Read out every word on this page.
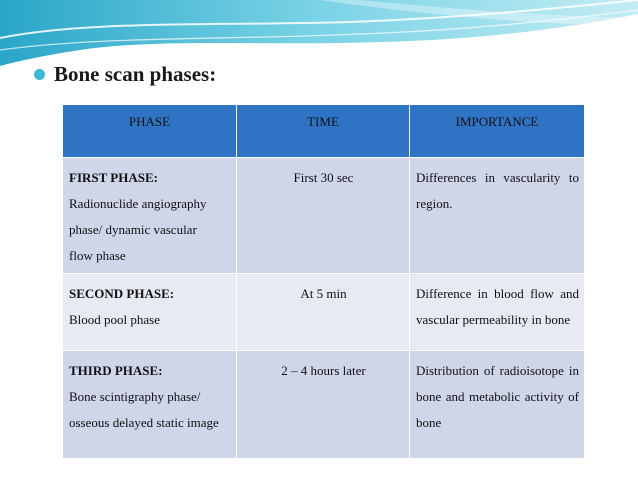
Bone scan phases:
PHASE	TIME	IMPORTANCE

FIRST PHASE:
Radionuclide angiography
phase/ dynamic vascular
flow phase	First 30 sec	Differences in vascularity to region.

SECOND PHASE:
Blood pool phase	At 5 min	Difference in blood flow and vascular permeability in bone

THIRD PHASE:
Bone scintigraphy phase/
osseous delayed static image	2 – 4 hours later	Distribution of radioisotope in bone and metabolic activity of bone
